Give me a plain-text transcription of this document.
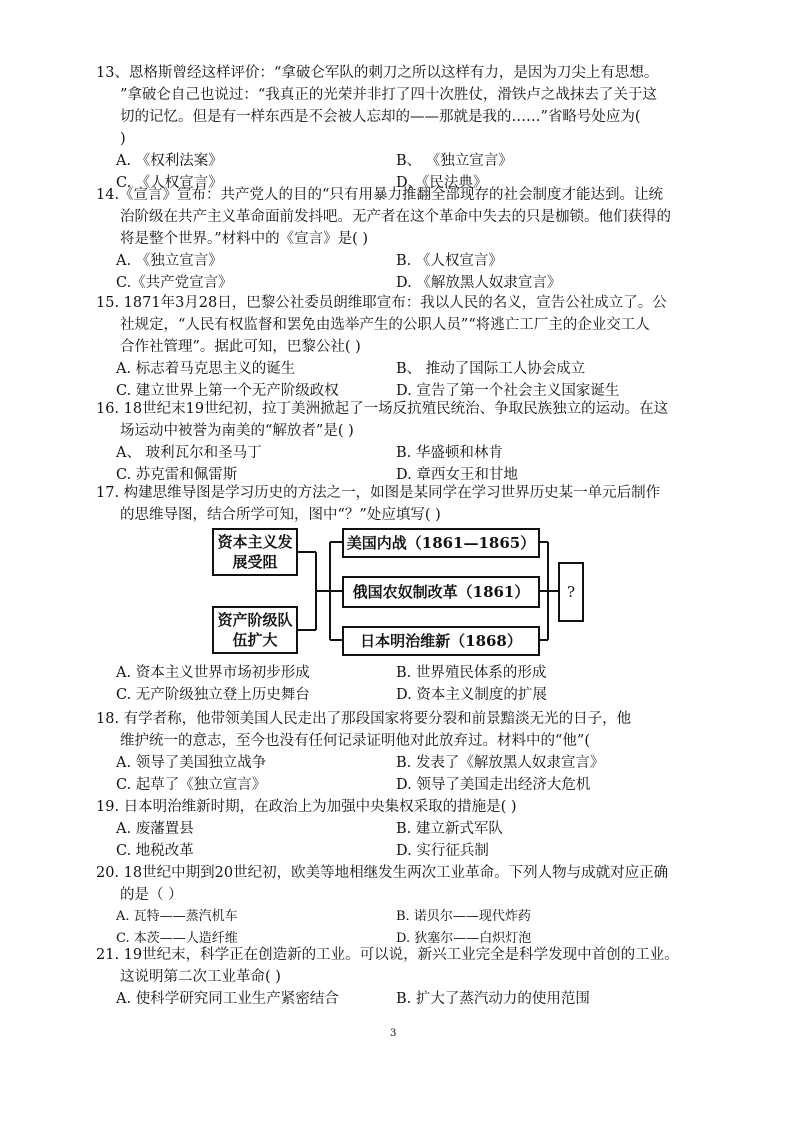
13、恩格斯曾经这样评价：“拿破仑军队的刺刀之所以这样有力，是因为刀尖上有思想。
”拿破仑自己也说过：“我真正的光荣并非打了四十次胜仗，滑铁卢之战抹去了关于这
切的记忆。但是有一样东西是不会被人忘却的——那就是我的……”省略号处应为(
)

A. 《权利法案》	B、 《独立宣言》
C. 《人权宣言》	D、《民法典》

14.《宣言》宣布：共产党人的目的“只有用暴力推翻全部现存的社会制度才能达到。让统
治阶级在共产主义革命面前发抖吧。无产者在这个革命中失去的只是枷锁。他们获得的
将是整个世界。”材料中的《宣言》是( )

A. 《独立宣言》	B. 《人权宣言》
C.《共产党宣言》	D. 《解放黑人奴隶宣言》

15. 1871年3月28日，巴黎公社委员朗维耶宣布：我以人民的名义，宣告公社成立了。公
社规定，“人民有权监督和罢免由选举产生的公职人员”“将逃亡工厂主的企业交工人
合作社管理”。据此可知，巴黎公社( )

A. 标志着马克思主义的诞生	B、 推动了国际工人协会成立
C. 建立世界上第一个无产阶级政权	D. 宣告了第一个社会主义国家诞生

16. 18世纪末19世纪初，拉丁美洲掀起了一场反抗殖民统治、争取民族独立的运动。在这
场运动中被誉为南美的“解放者”是( )

A、 玻利瓦尔和圣马丁	B. 华盛顿和林肯
C. 苏克雷和佩雷斯	D. 章西女王和甘地

17. 构建思维导图是学习历史的方法之一，如图是某同学在学习世界历史某一单元后制作
的思维导图，结合所学可知，图中“？”处应填写( )

资本主义发展受阻
资产阶级队伍扩大
美国内战（1861—1865）
俄国农奴制改革（1861）
日本明治维新（1868）
?
A. 资本主义世界市场初步形成	B. 世界殖民体系的形成
C. 无产阶级独立登上历史舞台	D. 资本主义制度的扩展

18. 有学者称，他带领美国人民走出了那段国家将要分裂和前景黯淡无光的日子，他
维护统一的意志，至今也没有任何记录证明他对此放弃过。材料中的“他”(

A. 领导了美国独立战争	B. 发表了《解放黑人奴隶宣言》
C. 起草了《独立宣言》	D. 领导了美国走出经济大危机

19. 日本明治维新时期，在政治上为加强中央集权采取的措施是( )

A. 废藩置县	B. 建立新式军队
C. 地税改革	D. 实行征兵制

20. 18世纪中期到20世纪初，欧美等地相继发生两次工业革命。下列人物与成就对应正确
的是（ ）

A. 瓦特——蒸汽机车	B. 诺贝尔——现代炸药
C. 本茨——人造纤维	D. 狄塞尔——白炽灯泡

21. 19世纪末，科学正在创造新的工业。可以说，新兴工业完全是科学发现中首创的工业。
这说明第二次工业革命( )

A. 使科学研究同工业生产紧密结合	B. 扩大了蒸汽动力的使用范围
3
